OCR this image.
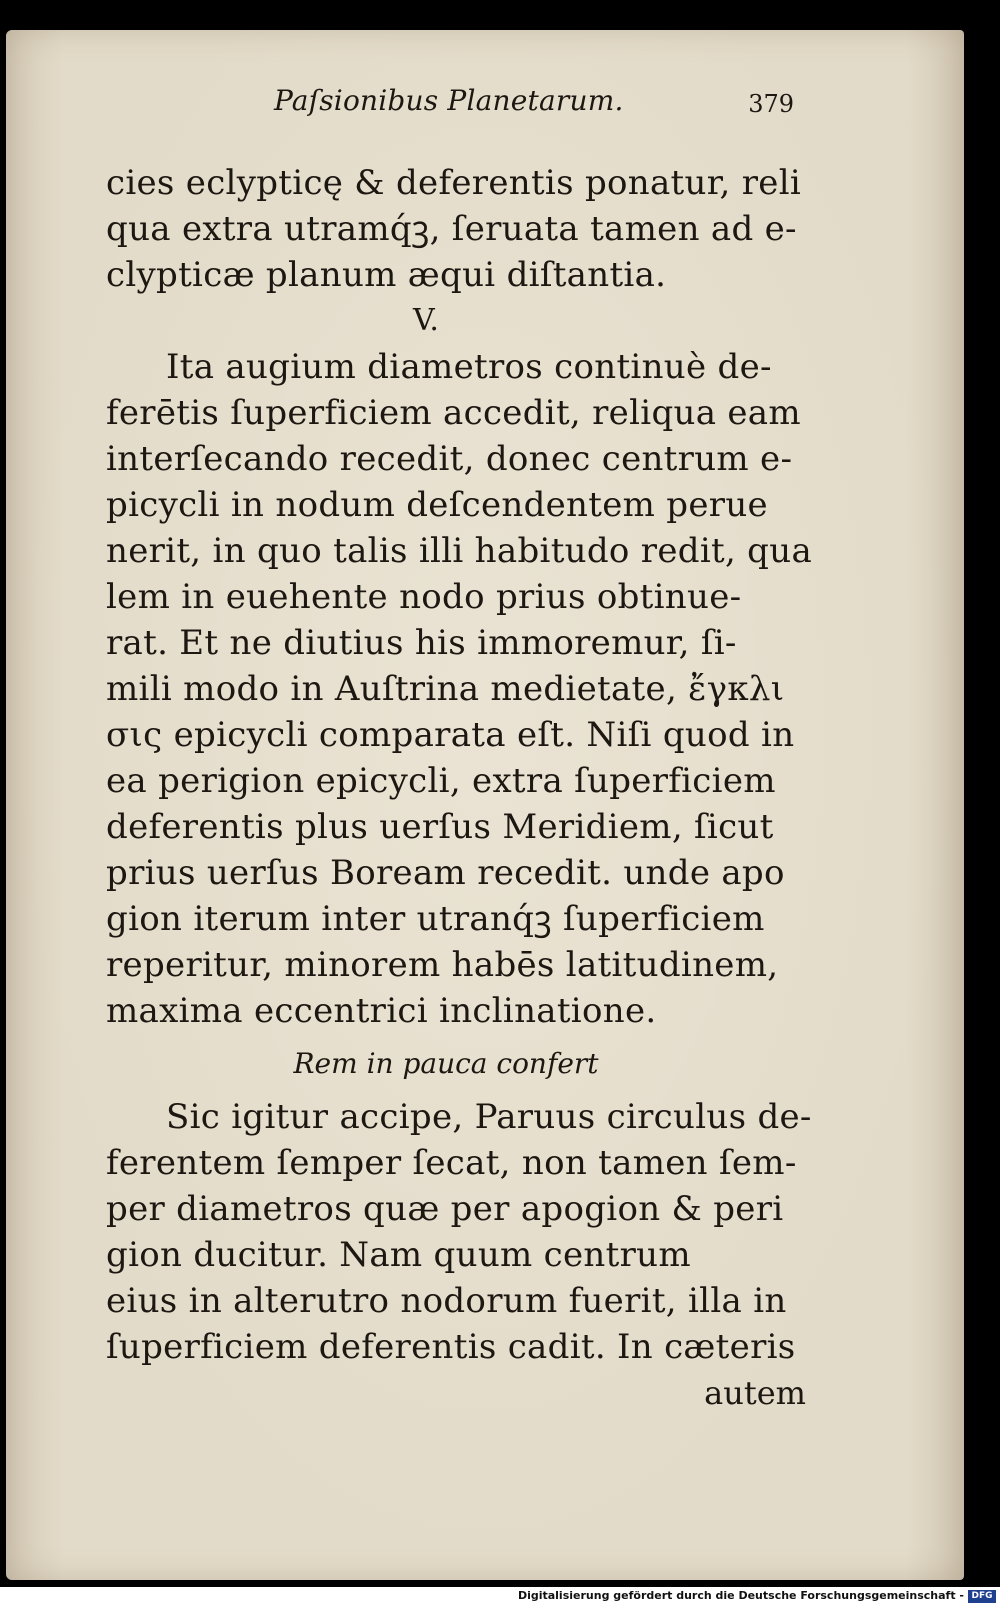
Paſsionibus Planetarum.	379
cies eclypticę & deferentis ponatur, reli
qua extra utramq́ꝫ, ſeruata tamen ad e-
clypticæ planum æqui diſtantia.
V.
Ita augium diametros continuè de-
ferētis ſuperficiem accedit, reliqua eam
interſecando recedit, donec centrum e-
picycli in nodum deſcendentem perue
nerit, in quo talis illi habitudo redit, qua
lem in euehente nodo prius obtinue-
rat. Et ne diutius his immoremur, ſi-
mili modo in Auſtrina medietate, ἔγκλι
σις epicycli comparata eſt. Niſi quod in
ea perigion epicycli, extra ſuperficiem
deferentis plus uerſus Meridiem, ſicut
prius uerſus Boream recedit. unde apo
gion iterum inter utranq́ꝫ ſuperficiem
reperitur, minorem habēs latitudinem,
maxima eccentrici inclinatione.
Rem in pauca confert
Sic igitur accipe, Paruus circulus de-
ferentem ſemper ſecat, non tamen ſem-
per diametros quæ per apogion & peri
gion ducitur. Nam quum centrum
eius in alterutro nodorum fuerit, illa in
ſuperficiem deferentis cadit. In cæteris
autem
Digitalisierung gefördert durch die Deutsche Forschungsgemeinschaft - DFG
